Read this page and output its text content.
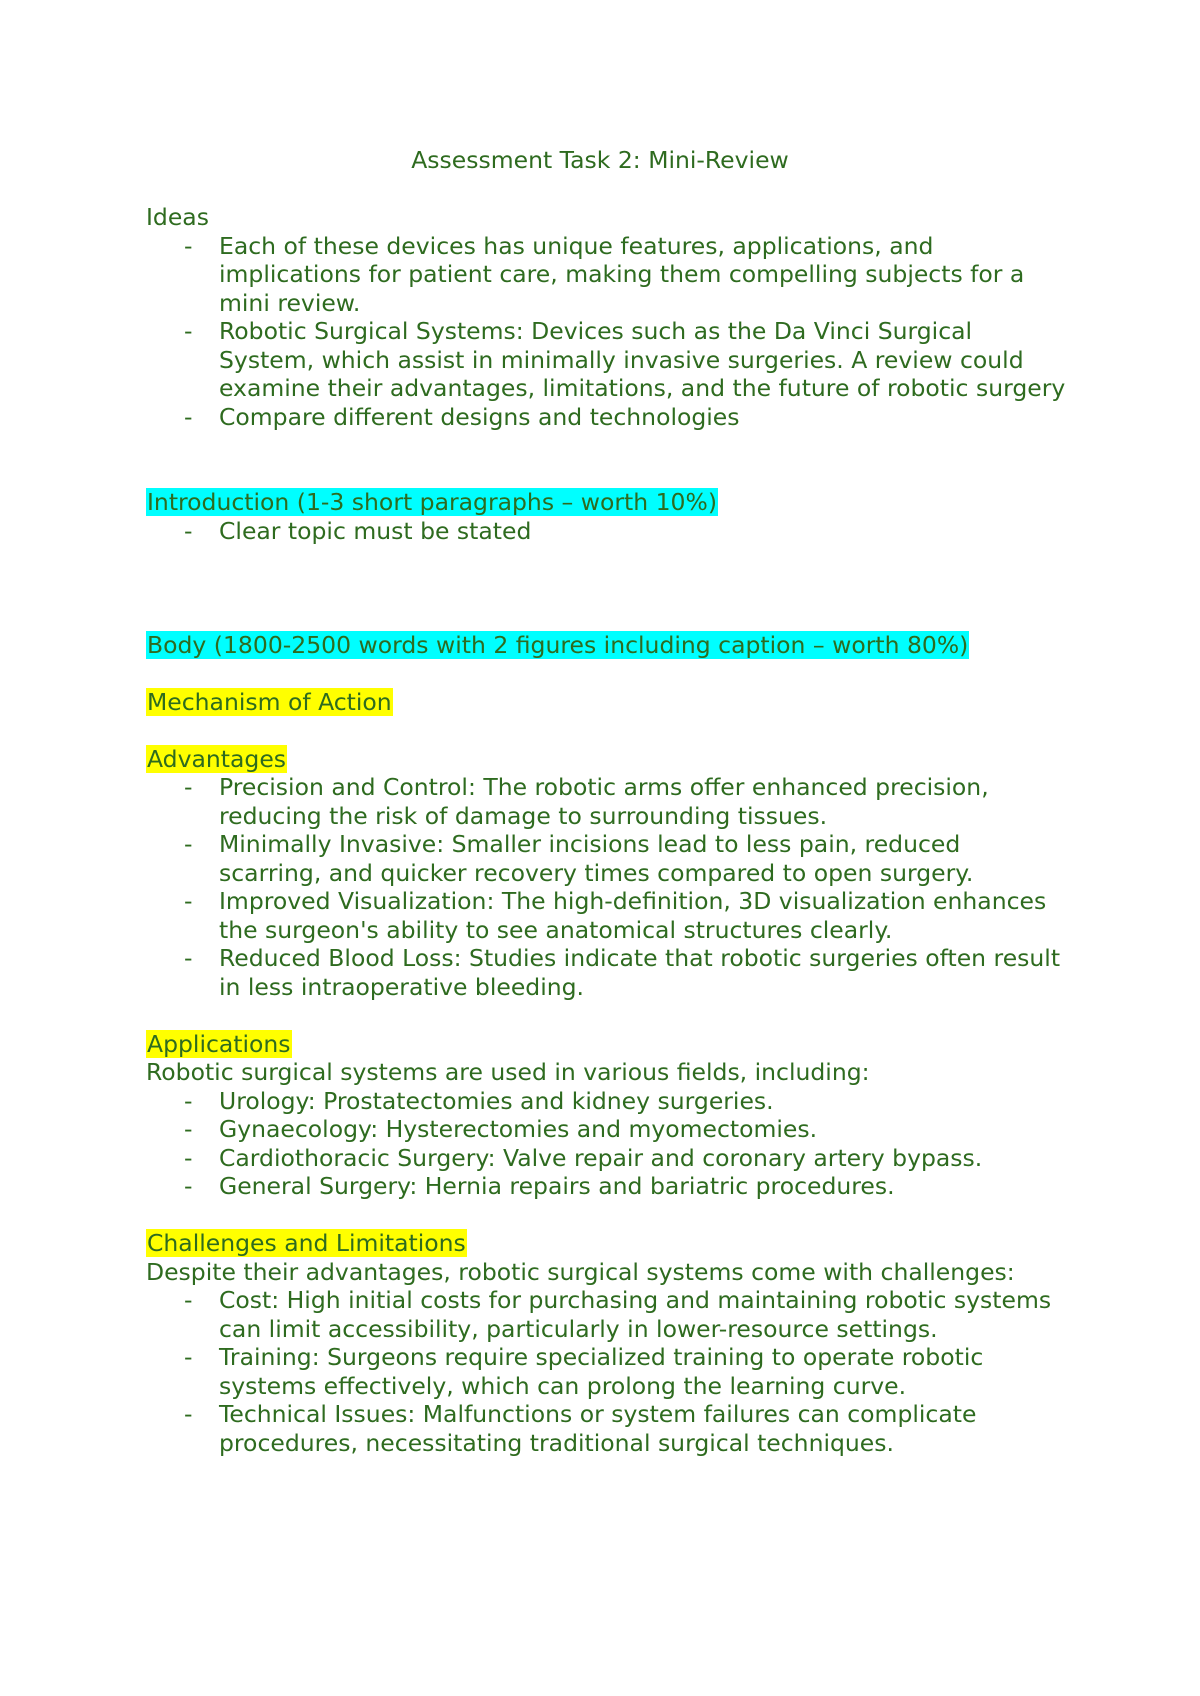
Assessment Task 2: Mini-Review

Ideas

- Each of these devices has unique features, applications, and implications for patient care, making them compelling subjects for a mini review.
- Robotic Surgical Systems: Devices such as the Da Vinci Surgical System, which assist in minimally invasive surgeries. A review could examine their advantages, limitations, and the future of robotic surgery
- Compare different designs and technologies

Introduction (1-3 short paragraphs – worth 10%)

- Clear topic must be stated

Body (1800-2500 words with 2 figures including caption – worth 80%)

Mechanism of Action

Advantages

- Precision and Control: The robotic arms offer enhanced precision, reducing the risk of damage to surrounding tissues.
- Minimally Invasive: Smaller incisions lead to less pain, reduced scarring, and quicker recovery times compared to open surgery.
- Improved Visualization: The high-definition, 3D visualization enhances the surgeon's ability to see anatomical structures clearly.
- Reduced Blood Loss: Studies indicate that robotic surgeries often result in less intraoperative bleeding.

Applications

Robotic surgical systems are used in various fields, including:

- Urology: Prostatectomies and kidney surgeries.
- Gynaecology: Hysterectomies and myomectomies.
- Cardiothoracic Surgery: Valve repair and coronary artery bypass.
- General Surgery: Hernia repairs and bariatric procedures.

Challenges and Limitations

Despite their advantages, robotic surgical systems come with challenges:

- Cost: High initial costs for purchasing and maintaining robotic systems can limit accessibility, particularly in lower-resource settings.
- Training: Surgeons require specialized training to operate robotic systems effectively, which can prolong the learning curve.
- Technical Issues: Malfunctions or system failures can complicate procedures, necessitating traditional surgical techniques.
